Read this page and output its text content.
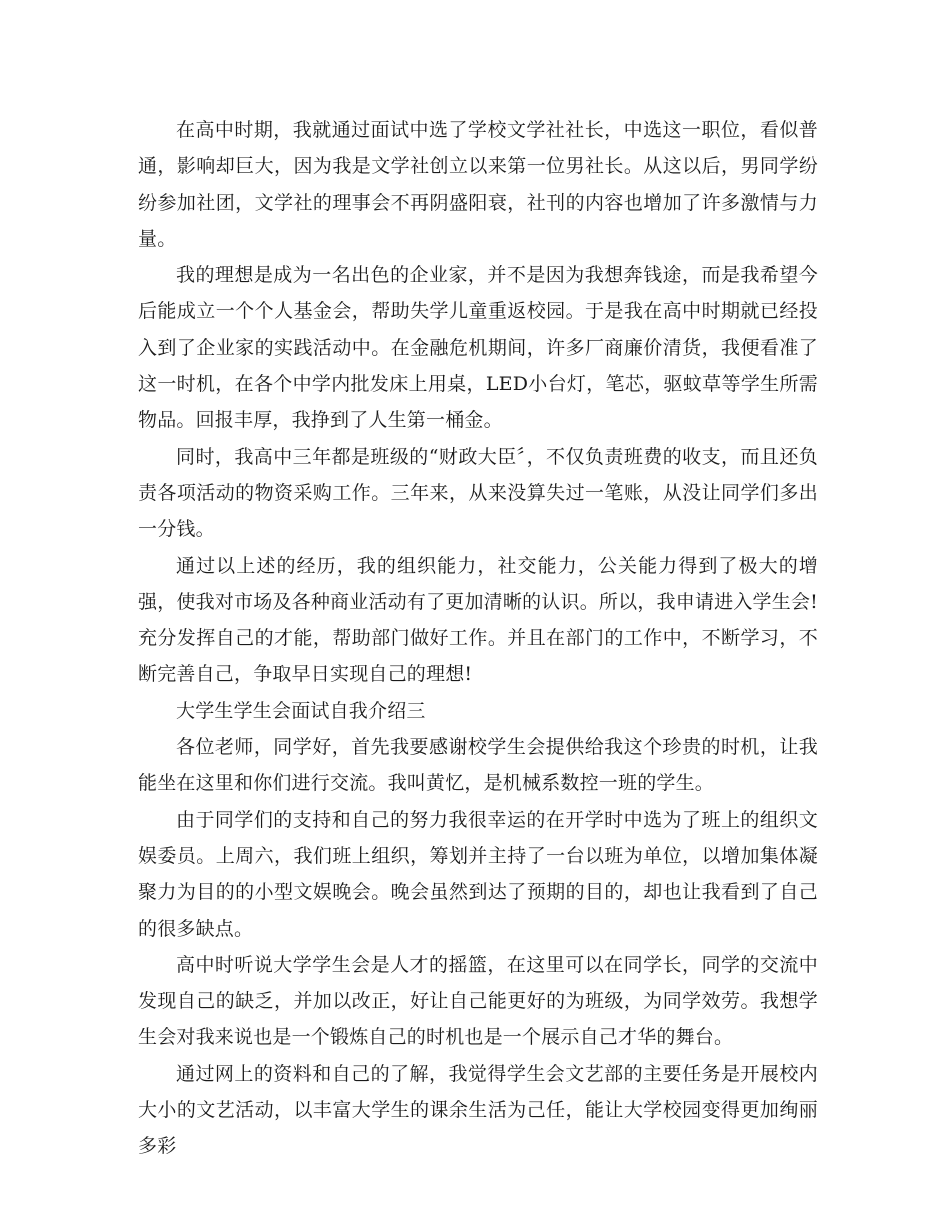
在高中时期，我就通过面试中选了学校文学社社长，中选这一职位，看似普通，影响却巨大，因为我是文学社创立以来第一位男社长。从这以后，男同学纷纷参加社团，文学社的理事会不再阴盛阳衰，社刊的内容也增加了许多激情与力量。

我的理想是成为一名出色的企业家，并不是因为我想奔钱途，而是我希望今后能成立一个个人基金会，帮助失学儿童重返校园。于是我在高中时期就已经投入到了企业家的实践活动中。在金融危机期间，许多厂商廉价清货，我便看准了这一时机，在各个中学内批发床上用桌，LED小台灯，笔芯，驱蚊草等学生所需物品。回报丰厚，我挣到了人生第一桶金。

同时，我高中三年都是班级的“财政大臣〞，不仅负责班费的收支，而且还负责各项活动的物资采购工作。三年来，从来没算失过一笔账，从没让同学们多出一分钱。

通过以上述的经历，我的组织能力，社交能力，公关能力得到了极大的增强，使我对市场及各种商业活动有了更加清晰的认识。所以，我申请进入学生会!充分发挥自己的才能，帮助部门做好工作。并且在部门的工作中，不断学习，不断完善自己，争取早日实现自己的理想!

大学生学生会面试自我介绍三

各位老师，同学好，首先我要感谢校学生会提供给我这个珍贵的时机，让我能坐在这里和你们进行交流。我叫黄忆，是机械系数控一班的学生。

由于同学们的支持和自己的努力我很幸运的在开学时中选为了班上的组织文娱委员。上周六，我们班上组织，筹划并主持了一台以班为单位，以增加集体凝聚力为目的的小型文娱晚会。晚会虽然到达了预期的目的，却也让我看到了自己的很多缺点。

高中时听说大学学生会是人才的摇篮，在这里可以在同学长，同学的交流中发现自己的缺乏，并加以改正，好让自己能更好的为班级，为同学效劳。我想学生会对我来说也是一个锻炼自己的时机也是一个展示自己才华的舞台。

通过网上的资料和自己的了解，我觉得学生会文艺部的主要任务是开展校内大小的文艺活动，以丰富大学生的课余生活为己任，能让大学校园变得更加绚丽多彩
